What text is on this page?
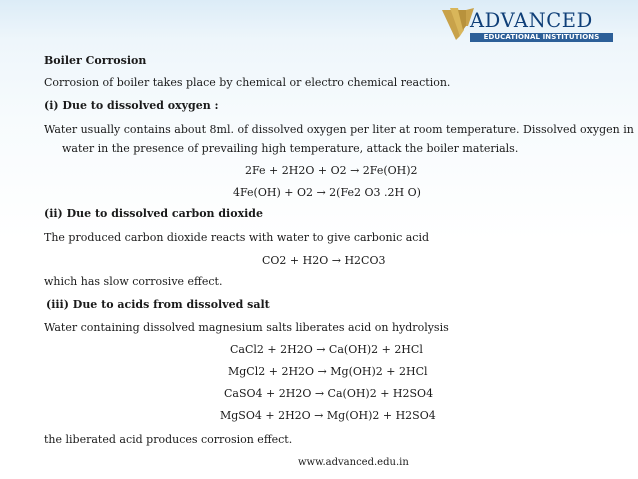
ADVANCED
EDUCATIONAL INSTITUTIONS
Boiler Corrosion
Corrosion of boiler takes place by chemical or electro chemical reaction.
(i) Due to dissolved oxygen :
Water usually contains about 8ml. of dissolved oxygen per liter at room temperature. Dissolved oxygen in
water in the presence of prevailing high temperature, attack the boiler materials.
2Fe + 2H2O + O2 → 2Fe(OH)2
4Fe(OH) + O2 → 2(Fe2 O3 .2H O)
(ii) Due to dissolved carbon dioxide
The produced carbon dioxide reacts with water to give carbonic acid
CO2 + H2O → H2CO3
which has slow corrosive effect.
(iii) Due to acids from dissolved salt
Water containing dissolved magnesium salts liberates acid on hydrolysis
CaCl2 + 2H2O → Ca(OH)2 + 2HCl
MgCl2 + 2H2O → Mg(OH)2 + 2HCl
CaSO4 + 2H2O → Ca(OH)2 + H2SO4
MgSO4 + 2H2O → Mg(OH)2 + H2SO4
the liberated acid produces corrosion effect.
www.advanced.edu.in
